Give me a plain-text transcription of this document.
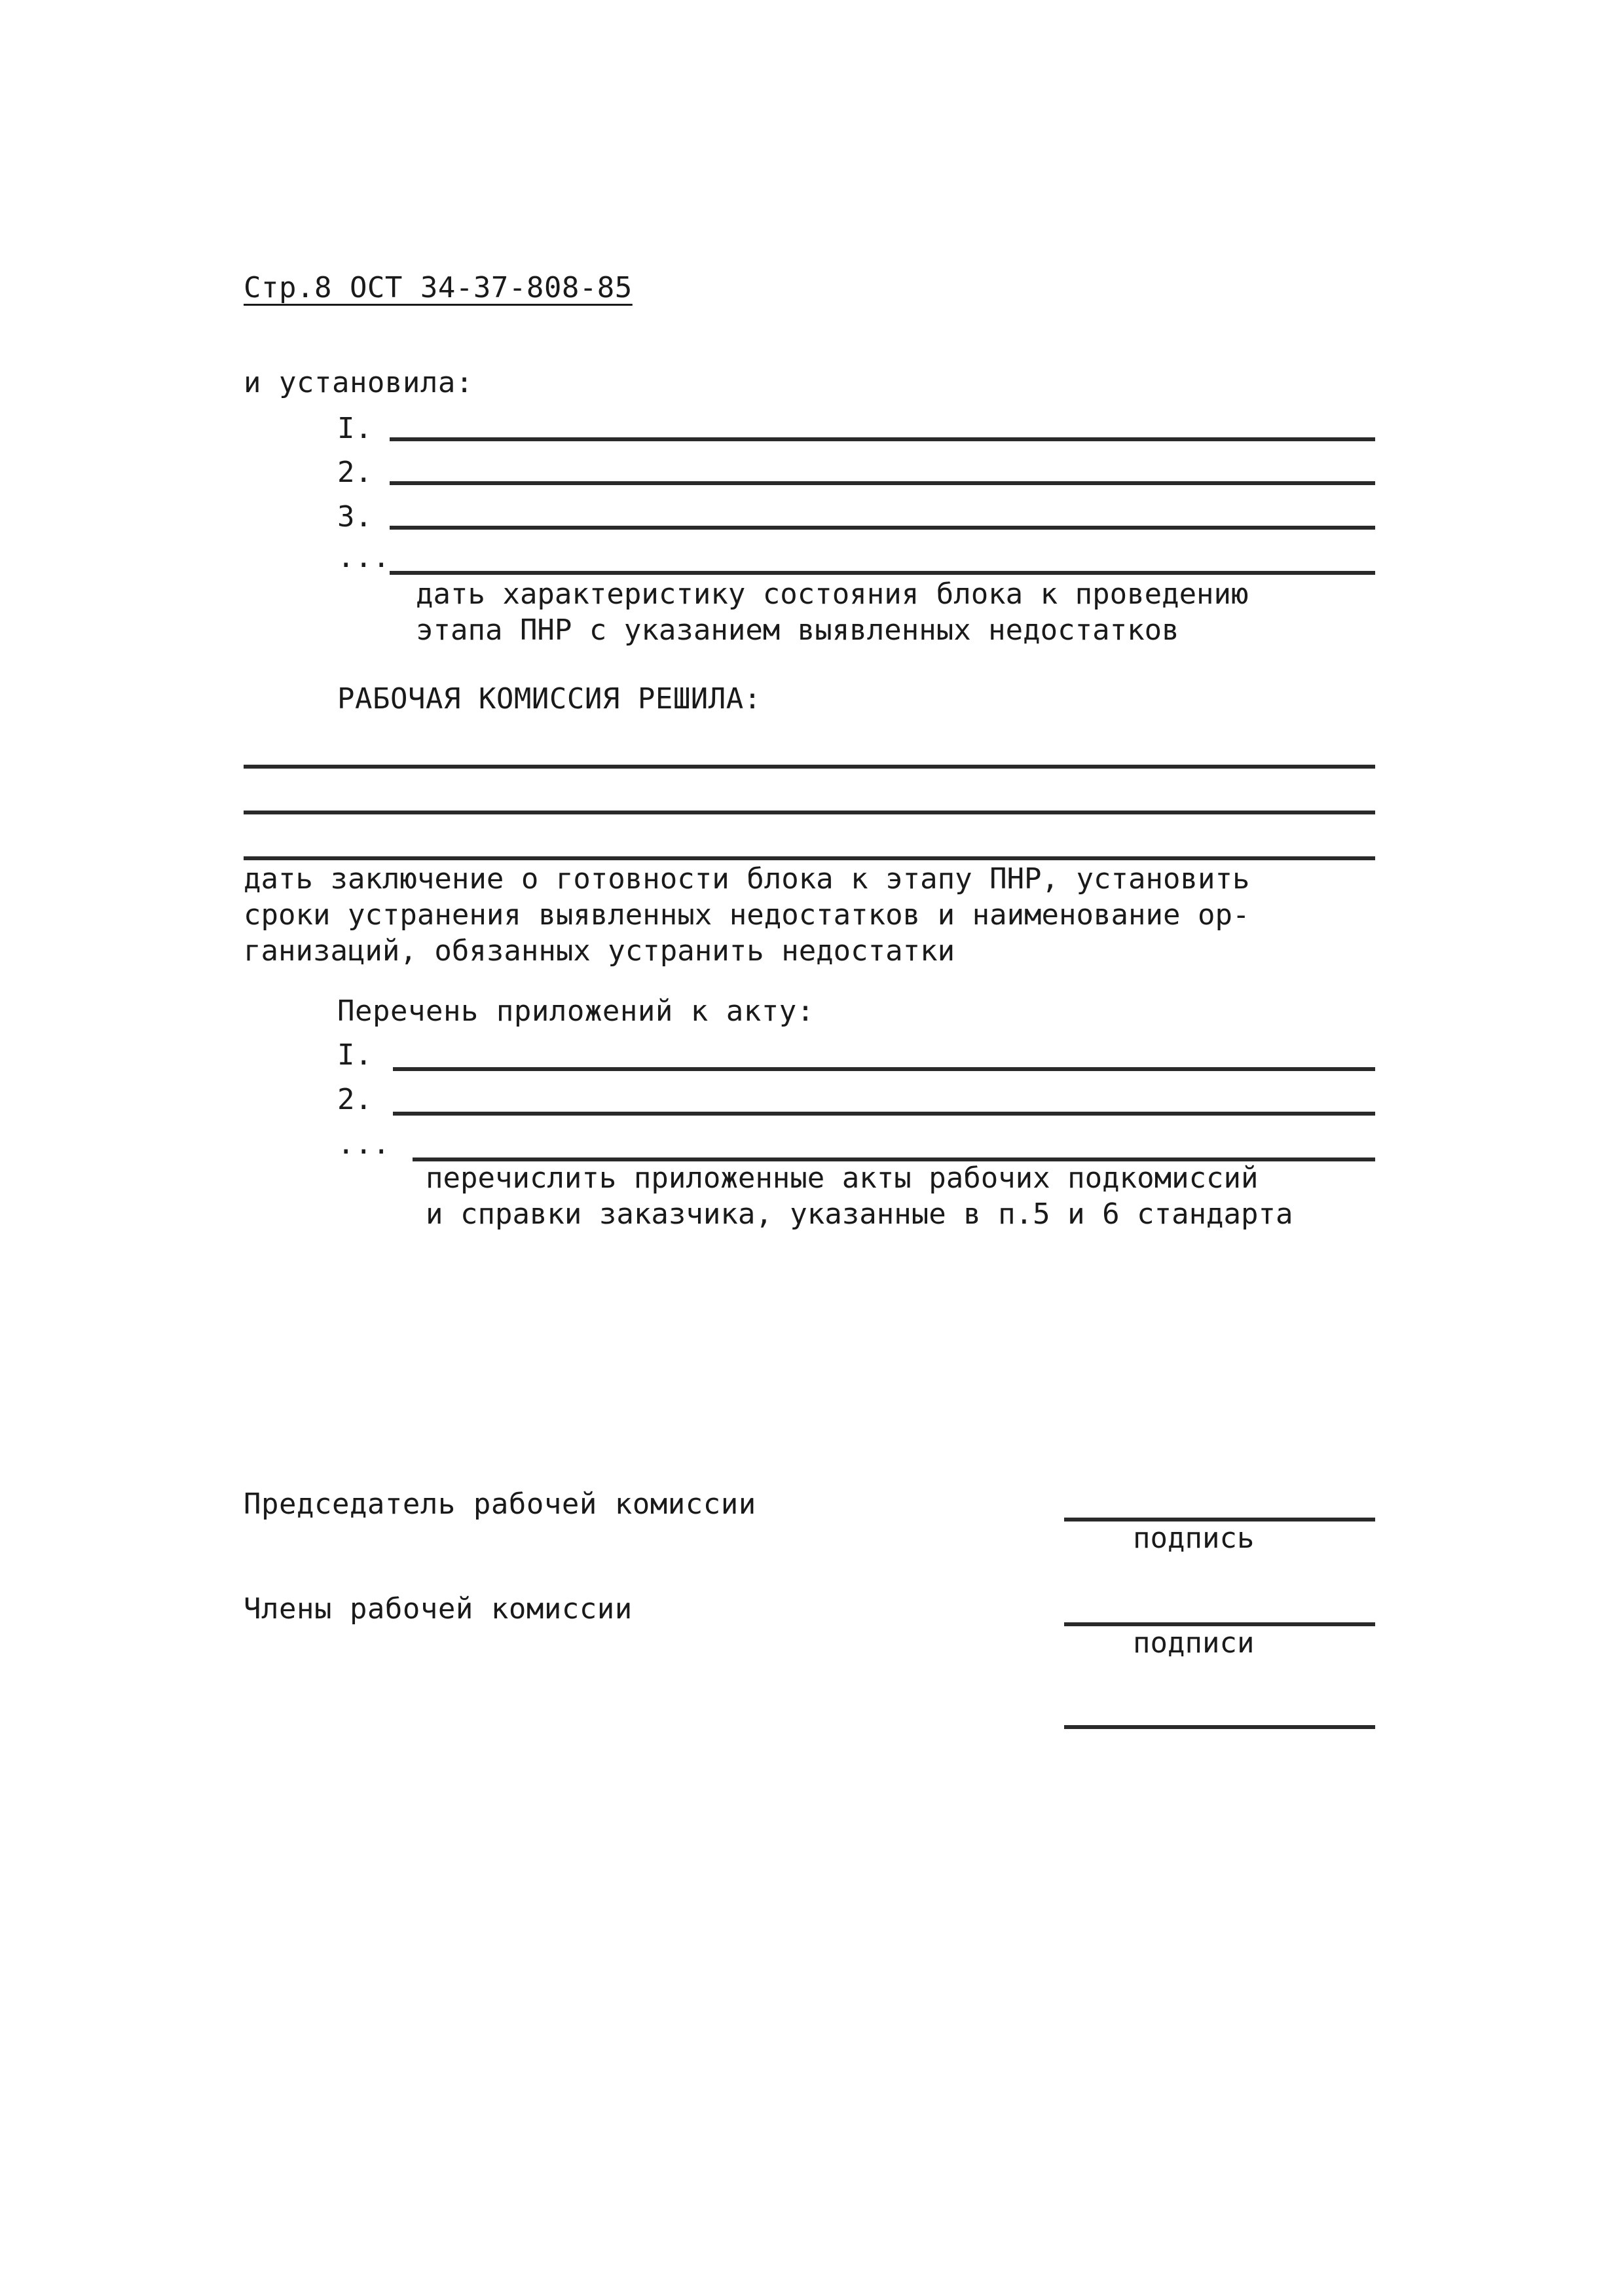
Стр.8 ОСТ 34-37-808-85
и установила:
I.
2.
3.
...
дать характеристику состояния блока к проведению
этапа ПНР с указанием выявленных недостатков
РАБОЧАЯ КОМИССИЯ РЕШИЛА:
дать заключение о готовности блока к этапу ПНР, установить
сроки устранения выявленных недостатков и наименование ор-
ганизаций, обязанных устранить недостатки
Перечень приложений к акту:
I.
2.
...
перечислить приложенные акты рабочих подкомиссий
и справки заказчика, указанные в п.5 и 6 стандарта
Председатель рабочей комиссии
подпись
Члены рабочей комиссии
подписи
